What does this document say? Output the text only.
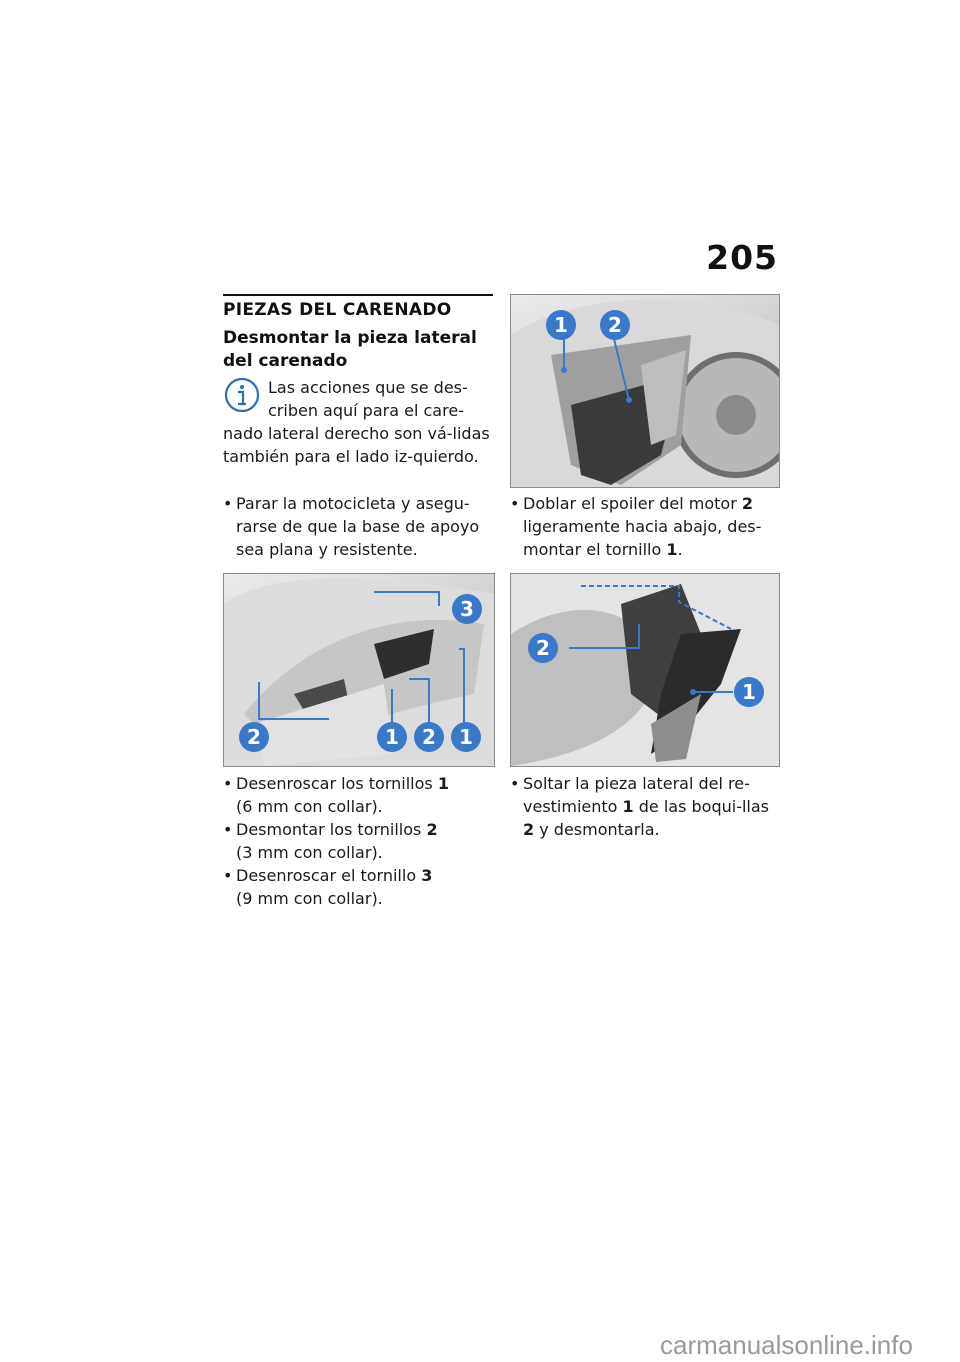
205
PIEZAS DEL CARENADO
Desmontar la pieza lateral del carenado
Las acciones que se des-
criben aquí para el care-
nado lateral derecho son vá-lidas también para el lado iz-quierdo.
• Parar la motocicleta y asegu-rarse de que la base de apoyo sea plana y resistente.
1 2
• Doblar el spoiler del motor 2 ligeramente hacia abajo, des-montar el tornillo 1.
3
2	1 2 1
2
1
• Desenroscar los tornillos 1
(6 mm con collar).
• Desmontar los tornillos 2
(3 mm con collar).
• Desenroscar el tornillo 3
(9 mm con collar).
• Soltar la pieza lateral del re-vestimiento 1 de las boqui-llas 2 y desmontarla.
carmanualsonline.info
